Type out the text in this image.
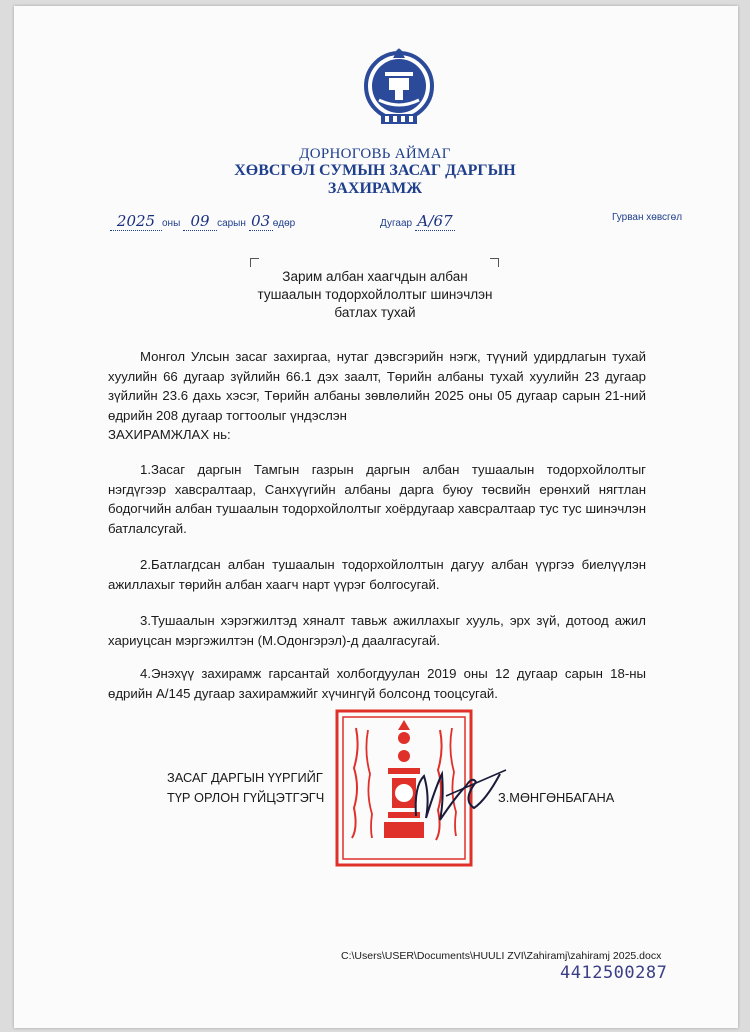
ДОРНОГОВЬ АЙМАГ
ХӨВСГӨЛ СУМЫН ЗАСАГ ДАРГЫН
ЗАХИРАМЖ
2025 оны 09 сарын 03 өдөр	Дугаар А/67	Гурван хөвсгөл
Зарим албан хаагчдын албан
тушаалын тодорхойлолтыг шинэчлэн
батлах тухай
Монгол Улсын засаг захиргаа, нутаг дэвсгэрийн нэгж, түүний удирдлагын тухай хуулийн 66 дугаар зүйлийн 66.1 дэх заалт, Төрийн албаны тухай хуулийн 23 дугаар зүйлийн 23.6 дахь хэсэг, Төрийн албаны зөвлөлийн 2025 оны 05 дугаар сарын 21-ний өдрийн 208 дугаар тогтоолыг үндэслэн
ЗАХИРАМЖЛАХ нь:
1.Засаг даргын Тамгын газрын даргын албан тушаалын тодорхойлолтыг нэгдүгээр хавсралтаар, Санхүүгийн албаны дарга буюу төсвийн ерөнхий нягтлан бодогчийн албан тушаалын тодорхойлолтыг хоёрдугаар хавсралтаар тус тус шинэчлэн батлалсугай.
2.Батлагдсан албан тушаалын тодорхойлолтын дагуу албан үүргээ биелүүлэн ажиллахыг төрийн албан хаагч нарт үүрэг болгосугай.
3.Тушаалын хэрэгжилтэд хяналт тавьж ажиллахыг хууль, эрх зүй, дотоод ажил хариуцсан мэргэжилтэн (М.Одонгэрэл)-д даалгасугай.
4.Энэхүү захирамж гарсантай холбогдуулан 2019 оны 12 дугаар сарын 18-ны өдрийн А/145 дугаар захирамжийг хүчингүй болсонд тооцсугай.
ЗАСАГ ДАРГЫН ҮҮРГИЙГ
ТҮР ОРЛОН ГҮЙЦЭТГЭГЧ	З.МӨНГӨНБАГАНА
C:\Users\USER\Documents\HUULI ZVI\Zahiramj\zahiramj 2025.docx
4412500287
